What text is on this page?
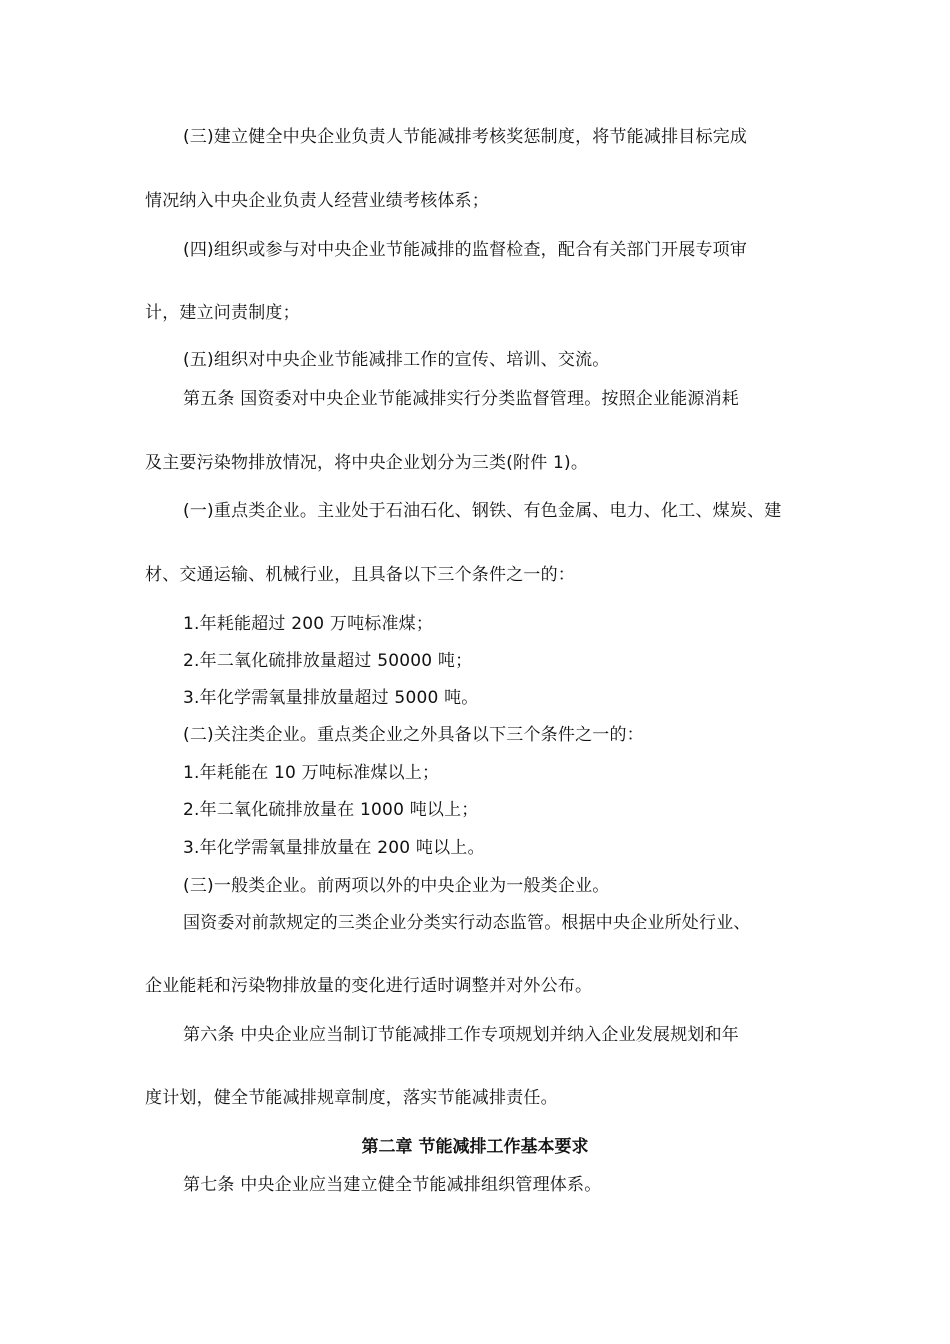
(三)建立健全中央企业负责人节能减排考核奖惩制度，将节能减排目标完成
情况纳入中央企业负责人经营业绩考核体系；
(四)组织或参与对中央企业节能减排的监督检查，配合有关部门开展专项审
计，建立问责制度；
(五)组织对中央企业节能减排工作的宣传、培训、交流。
第五条 国资委对中央企业节能减排实行分类监督管理。按照企业能源消耗
及主要污染物排放情况，将中央企业划分为三类(附件 1)。
(一)重点类企业。主业处于石油石化、钢铁、有色金属、电力、化工、煤炭、建
材、交通运输、机械行业，且具备以下三个条件之一的：
1.年耗能超过 200 万吨标准煤；
2.年二氧化硫排放量超过 50000 吨；
3.年化学需氧量排放量超过 5000 吨。
(二)关注类企业。重点类企业之外具备以下三个条件之一的：
1.年耗能在 10 万吨标准煤以上；
2.年二氧化硫排放量在 1000 吨以上；
3.年化学需氧量排放量在 200 吨以上。
(三)一般类企业。前两项以外的中央企业为一般类企业。
国资委对前款规定的三类企业分类实行动态监管。根据中央企业所处行业、
企业能耗和污染物排放量的变化进行适时调整并对外公布。
第六条 中央企业应当制订节能减排工作专项规划并纳入企业发展规划和年
度计划，健全节能减排规章制度，落实节能减排责任。
第二章 节能减排工作基本要求
第七条 中央企业应当建立健全节能减排组织管理体系。
